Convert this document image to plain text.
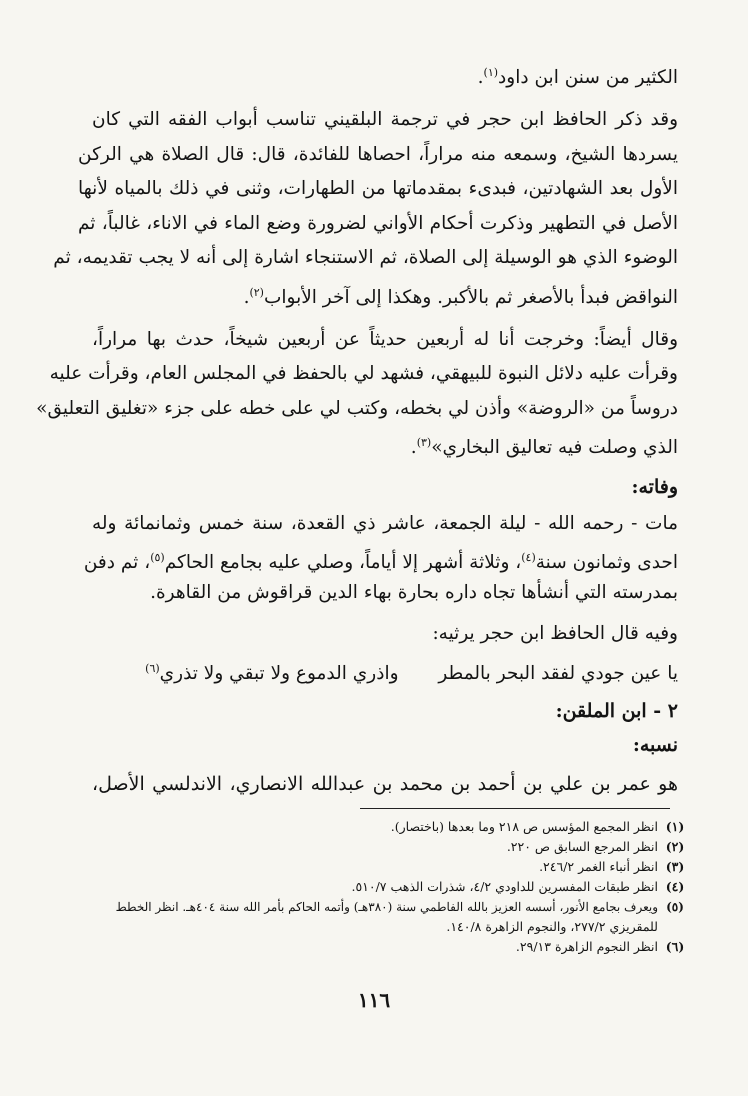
الكثير من سنن ابن داود$^{(١)}$.
وقد ذكر الحافظ ابن حجر في ترجمة البلقيني تناسب أبواب الفقه التي كان
يسردها الشيخ، وسمعه منه مراراً، احصاها للفائدة، قال: قال الصلاة هي الركن
الأول بعد الشهادتين، فبدىء بمقدماتها من الطهارات، وثنى في ذلك بالمياه لأنها
الأصل في التطهير وذكرت أحكام الأواني لضرورة وضع الماء في الاناء، غالباً، ثم
الوضوء الذي هو الوسيلة إلى الصلاة، ثم الاستنجاء اشارة إلى أنه لا يجب تقديمه، ثم
النواقض فبدأ بالأصغر ثم بالأكبر. وهكذا إلى آخر الأبواب$^{(٢)}$.
وقال أيضاً: وخرجت أنا له أربعين حديثاً عن أربعين شيخاً، حدث بها مراراً،
وقرأت عليه دلائل النبوة للبيهقي، فشهد لي بالحفظ في المجلس العام، وقرأت عليه
دروساً من «الروضة» وأذن لي بخطه، وكتب لي على خطه على جزء «تغليق التعليق»
الذي وصلت فيه تعاليق البخاري»$^{(٣)}$.
وفاته:
مات - رحمه الله - ليلة الجمعة، عاشر ذي القعدة، سنة خمس وثمانمائة وله
احدى وثمانون سنة$^{(٤)}$، وثلاثة أشهر إلا أياماً، وصلي عليه بجامع الحاكم$^{(٥)}$، ثم دفن
بمدرسته التي أنشأها تجاه داره بحارة بهاء الدين قراقوش من القاهرة.
وفيه قال الحافظ ابن حجر يرثيه:
يا عين جودي لفقد البحر بالمطر  واذري الدموع ولا تبقي ولا تذري$^{(٦)}$
٢ - ابن الملقن:
نسبه:
هو عمر بن علي بن أحمد بن محمد بن عبدالله الانصاري، الاندلسي الأصل،
(١)انظر المجمع المؤسس ص ٢١٨ وما بعدها (باختصار).
(٢)انظر المرجع السابق ص ٢٢٠.
(٣)انظر أنباء الغمر ٢٤٦/٢.
(٤)انظر طبقات المفسرين للداودي ٤/٢، شذرات الذهب ٥١٠/٧.
(٥)ويعرف بجامع الأنور، أسسه العزيز بالله الفاطمي سنة (٣٨٠هـ) وأتمه الحاكم بأمر الله سنة ٤٠٤هـ. انظر الخطط
للمقريزي ٢٧٧/٢، والنجوم الزاهرة ١٤٠/٨.
(٦)انظر النجوم الزاهرة ٢٩/١٣.
١١٦
